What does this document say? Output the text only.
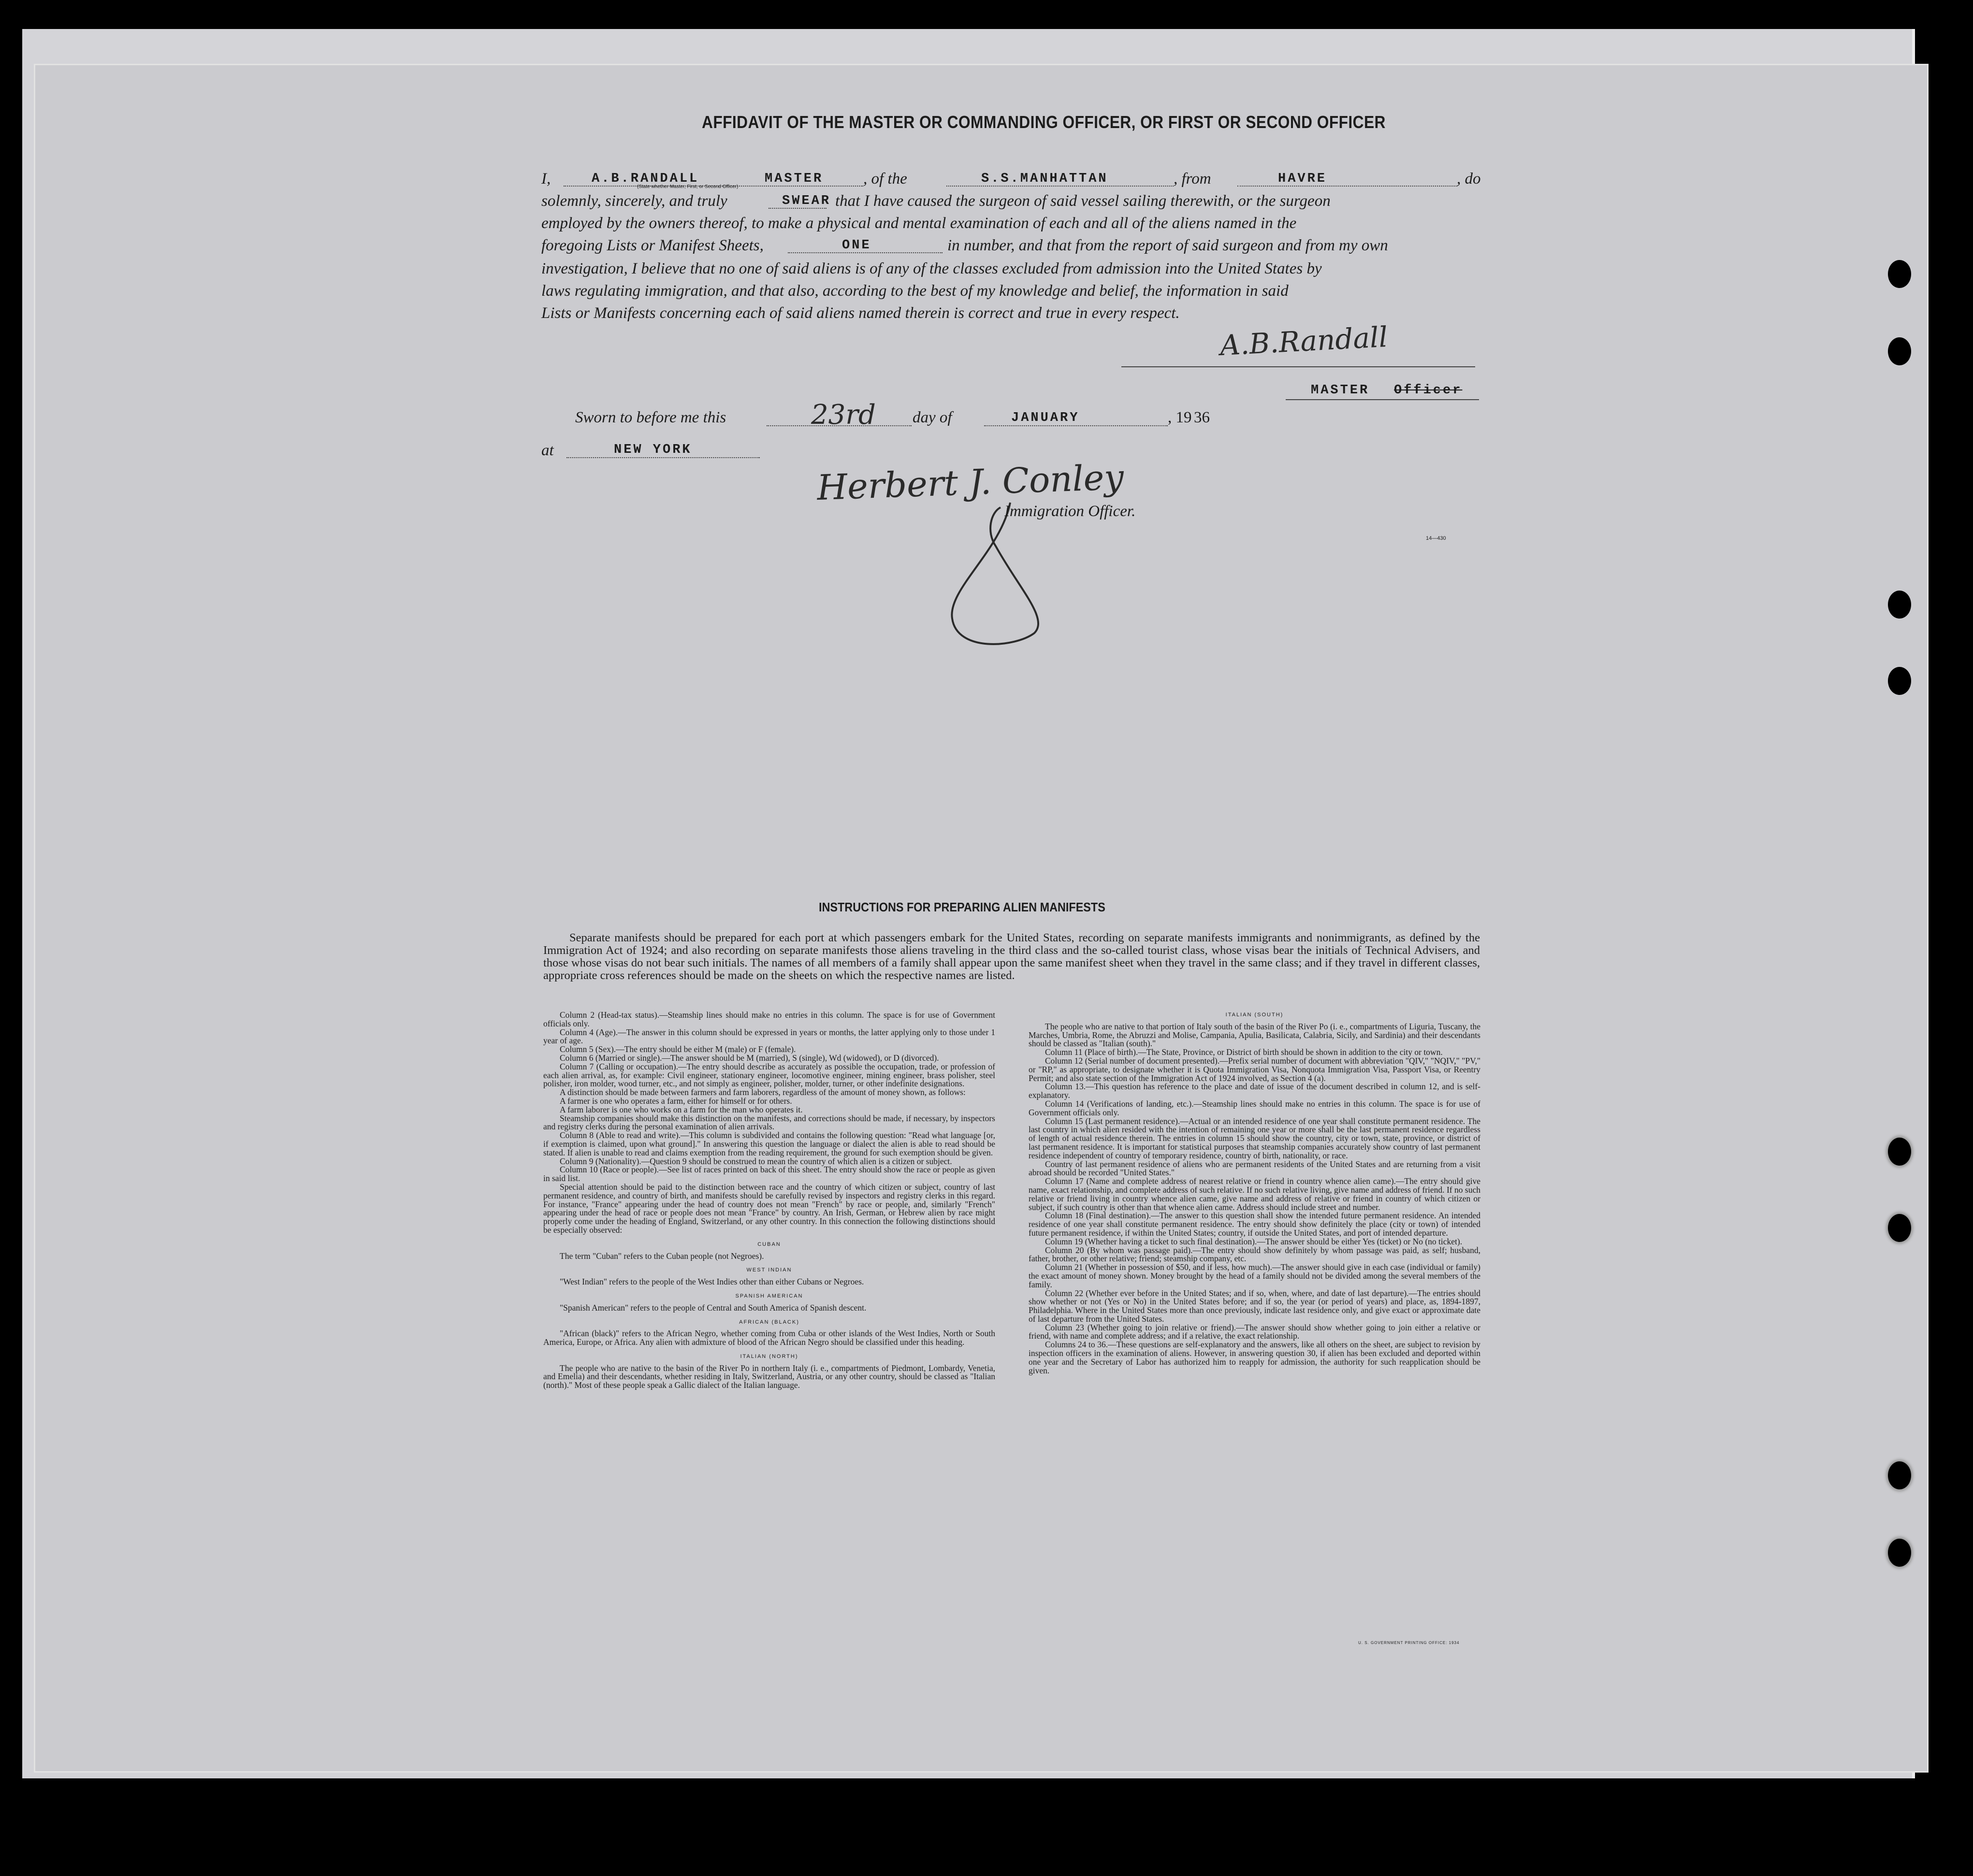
AFFIDAVIT OF THE MASTER OR COMMANDING OFFICER, OR FIRST OR SECOND OFFICER
I,	A.B.RANDALL	MASTER
(State whether Master, First, or Second Officer)	, of the	S.S.MANHATTAN	, from	HAVRE	, do
solemnly, sincerely, and truly	SWEAR that I have caused the surgeon of said vessel sailing therewith, or the surgeon
employed by the owners thereof, to make a physical and mental examination of each and all of the aliens named in the
foregoing Lists or Manifest Sheets,	ONE	in number, and that from the report of said surgeon and from my own
investigation, I believe that no one of said aliens is of any of the classes excluded from admission into the United States by
laws regulating immigration, and that also, according to the best of my knowledge and belief, the information in said
Lists or Manifests concerning each of said aliens named therein is correct and true in every respect.
A.B.Randall
MASTER Officer
Sworn to before me this	23rd day of	JANUARY	, 19 36
at	NEW YORK
Herbert J. Conley
Immigration Officer.
14—430
INSTRUCTIONS FOR PREPARING ALIEN MANIFESTS
Separate manifests should be prepared for each port at which passengers embark for the United States, recording on separate manifests immigrants and nonimmigrants, as defined by the Immigration Act of 1924; and also recording on separate manifests those aliens traveling in the third class and the so-called tourist class, whose visas bear the initials of Technical Advisers, and those whose visas do not bear such initials. The names of all members of a family shall appear upon the same manifest sheet when they travel in the same class; and if they travel in different classes, appropriate cross references should be made on the sheets on which the respective names are listed.

Column 2 (Head-tax status).—Steamship lines should make no entries in this column. The space is for use of Government officials only.

Column 4 (Age).—The answer in this column should be expressed in years or months, the latter applying only to those under 1 year of age.

Column 5 (Sex).—The entry should be either M (male) or F (female).

Column 6 (Married or single).—The answer should be M (married), S (single), Wd (widowed), or D (divorced).

Column 7 (Calling or occupation).—The entry should describe as accurately as possible the occupation, trade, or profession of each alien arrival, as, for example: Civil engineer, stationary engineer, locomotive engineer, mining engineer, brass polisher, steel polisher, iron molder, wood turner, etc., and not simply as engineer, polisher, molder, turner, or other indefinite designations.

A distinction should be made between farmers and farm laborers, regardless of the amount of money shown, as follows:

A farmer is one who operates a farm, either for himself or for others.

A farm laborer is one who works on a farm for the man who operates it.

Steamship companies should make this distinction on the manifests, and corrections should be made, if necessary, by inspectors and registry clerks during the personal examination of alien arrivals.

Column 8 (Able to read and write).—This column is subdivided and contains the following question: "Read what language [or, if exemption is claimed, upon what ground]." In answering this question the language or dialect the alien is able to read should be stated. If alien is unable to read and claims exemption from the reading requirement, the ground for such exemption should be given.

Column 9 (Nationality).—Question 9 should be construed to mean the country of which alien is a citizen or subject.

Column 10 (Race or people).—See list of races printed on back of this sheet. The entry should show the race or people as given in said list.

Special attention should be paid to the distinction between race and the country of which citizen or subject, country of last permanent residence, and country of birth, and manifests should be carefully revised by inspectors and registry clerks in this regard. For instance, "France" appearing under the head of country does not mean "French" by race or people, and, similarly "French" appearing under the head of race or people does not mean "France" by country. An Irish, German, or Hebrew alien by race might properly come under the heading of England, Switzerland, or any other country. In this connection the following distinctions should be especially observed:

CUBAN

The term "Cuban" refers to the Cuban people (not Negroes).

WEST INDIAN

"West Indian" refers to the people of the West Indies other than either Cubans or Negroes.

SPANISH AMERICAN

"Spanish American" refers to the people of Central and South America of Spanish descent.

AFRICAN (BLACK)

"African (black)" refers to the African Negro, whether coming from Cuba or other islands of the West Indies, North or South America, Europe, or Africa. Any alien with admixture of blood of the African Negro should be classified under this heading.

ITALIAN (NORTH)

The people who are native to the basin of the River Po in northern Italy (i. e., compartments of Piedmont, Lombardy, Venetia, and Emelia) and their descendants, whether residing in Italy, Switzerland, Austria, or any other country, should be classed as "Italian (north)." Most of these people speak a Gallic dialect of the Italian language.

ITALIAN (SOUTH)

The people who are native to that portion of Italy south of the basin of the River Po (i. e., compartments of Liguria, Tuscany, the Marches, Umbria, Rome, the Abruzzi and Molise, Campania, Apulia, Basilicata, Calabria, Sicily, and Sardinia) and their descendants should be classed as "Italian (south)."

Column 11 (Place of birth).—The State, Province, or District of birth should be shown in addition to the city or town.

Column 12 (Serial number of document presented).—Prefix serial number of document with abbreviation "QIV," "NQIV," "PV," or "RP," as appropriate, to designate whether it is Quota Immigration Visa, Nonquota Immigration Visa, Passport Visa, or Reentry Permit; and also state section of the Immigration Act of 1924 involved, as Section 4 (a).

Column 13.—This question has reference to the place and date of issue of the document described in column 12, and is self-explanatory.

Column 14 (Verifications of landing, etc.).—Steamship lines should make no entries in this column. The space is for use of Government officials only.

Column 15 (Last permanent residence).—Actual or an intended residence of one year shall constitute permanent residence. The last country in which alien resided with the intention of remaining one year or more shall be the last permanent residence regardless of length of actual residence therein. The entries in column 15 should show the country, city or town, state, province, or district of last permanent residence. It is important for statistical purposes that steamship companies accurately show country of last permanent residence independent of country of temporary residence, country of birth, nationality, or race.

Country of last permanent residence of aliens who are permanent residents of the United States and are returning from a visit abroad should be recorded "United States."

Column 17 (Name and complete address of nearest relative or friend in country whence alien came).—The entry should give name, exact relationship, and complete address of such relative. If no such relative living, give name and address of friend. If no such relative or friend living in country whence alien came, give name and address of relative or friend in country of which citizen or subject, if such country is other than that whence alien came. Address should include street and number.

Column 18 (Final destination).—The answer to this question shall show the intended future permanent residence. An intended residence of one year shall constitute permanent residence. The entry should show definitely the place (city or town) of intended future permanent residence, if within the United States; country, if outside the United States, and port of intended departure.

Column 19 (Whether having a ticket to such final destination).—The answer should be either Yes (ticket) or No (no ticket).

Column 20 (By whom was passage paid).—The entry should show definitely by whom passage was paid, as self; husband, father, brother, or other relative; friend; steamship company, etc.

Column 21 (Whether in possession of $50, and if less, how much).—The answer should give in each case (individual or family) the exact amount of money shown. Money brought by the head of a family should not be divided among the several members of the family.

Column 22 (Whether ever before in the United States; and if so, when, where, and date of last departure).—The entries should show whether or not (Yes or No) in the United States before; and if so, the year (or period of years) and place, as, 1894-1897, Philadelphia. Where in the United States more than once previously, indicate last residence only, and give exact or approximate date of last departure from the United States.

Column 23 (Whether going to join relative or friend).—The answer should show whether going to join either a relative or friend, with name and complete address; and if a relative, the exact relationship.

Columns 24 to 36.—These questions are self-explanatory and the answers, like all others on the sheet, are subject to revision by inspection officers in the examination of aliens. However, in answering question 30, if alien has been excluded and deported within one year and the Secretary of Labor has authorized him to reapply for admission, the authority for such reapplication should be given.

U. S. GOVERNMENT PRINTING OFFICE: 1934
